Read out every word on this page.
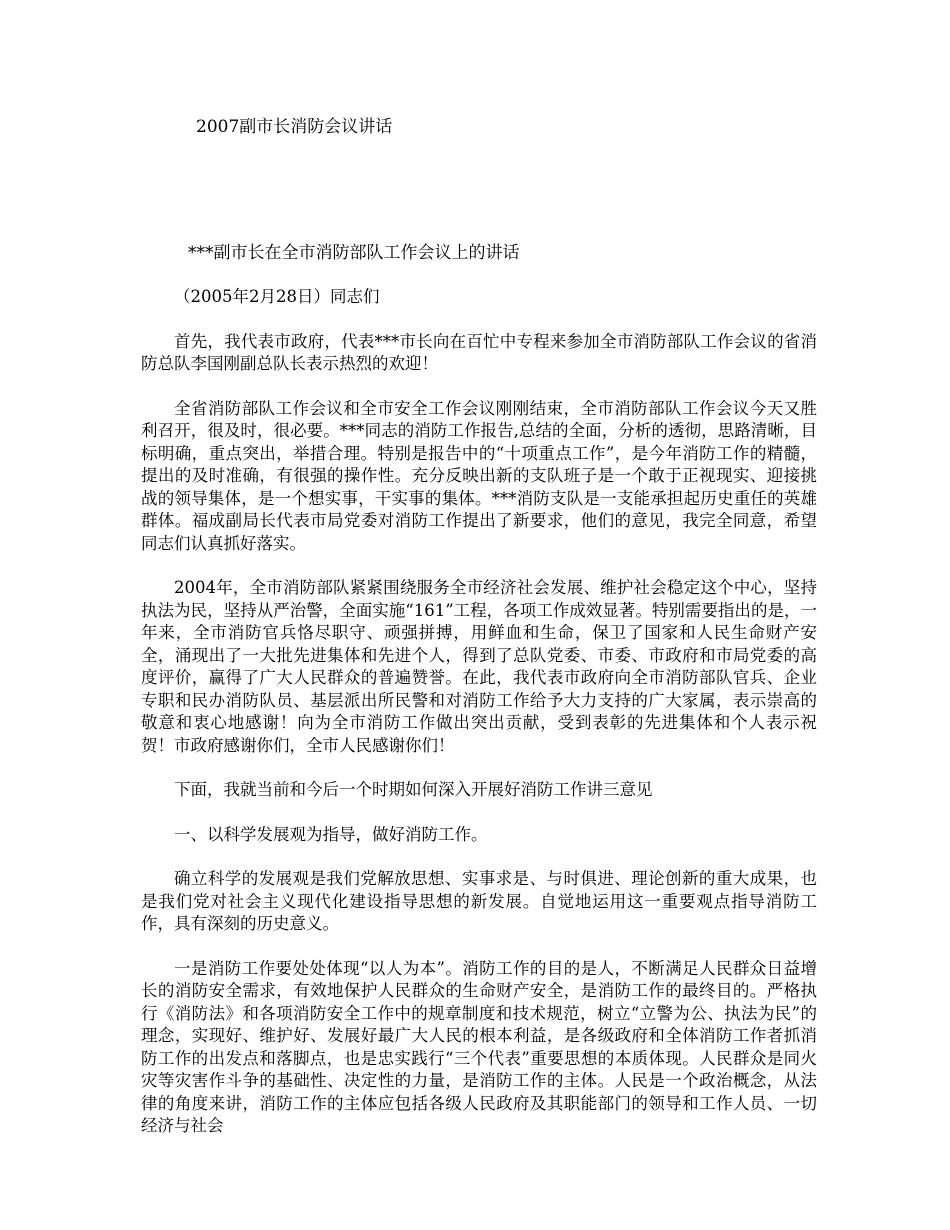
2007副市长消防会议讲话
***副市长在全市消防部队工作会议上的讲话

（2005年2月28日）同志们

首先，我代表市政府，代表***市长向在百忙中专程来参加全市消防部队工作会议的省消防总队李国刚副总队长表示热烈的欢迎！

全省消防部队工作会议和全市安全工作会议刚刚结束，全市消防部队工作会议今天又胜利召开，很及时，很必要。***同志的消防工作报告,总结的全面，分析的透彻，思路清晰，目标明确，重点突出，举措合理。特别是报告中的“十项重点工作”，是今年消防工作的精髓，提出的及时准确，有很强的操作性。充分反映出新的支队班子是一个敢于正视现实、迎接挑战的领导集体，是一个想实事，干实事的集体。***消防支队是一支能承担起历史重任的英雄群体。福成副局长代表市局党委对消防工作提出了新要求，他们的意见，我完全同意，希望同志们认真抓好落实。

2004年，全市消防部队紧紧围绕服务全市经济社会发展、维护社会稳定这个中心，坚持执法为民，坚持从严治警，全面实施“161”工程，各项工作成效显著。特别需要指出的是，一年来，全市消防官兵恪尽职守、顽强拼搏，用鲜血和生命，保卫了国家和人民生命财产安全，涌现出了一大批先进集体和先进个人，得到了总队党委、市委、市政府和市局党委的高度评价，赢得了广大人民群众的普遍赞誉。在此，我代表市政府向全市消防部队官兵、企业专职和民办消防队员、基层派出所民警和对消防工作给予大力支持的广大家属，表示崇高的敬意和衷心地感谢！向为全市消防工作做出突出贡献，受到表彰的先进集体和个人表示祝贺！市政府感谢你们，全市人民感谢你们！

下面，我就当前和今后一个时期如何深入开展好消防工作讲三意见

一、以科学发展观为指导，做好消防工作。

确立科学的发展观是我们党解放思想、实事求是、与时俱进、理论创新的重大成果，也是我们党对社会主义现代化建设指导思想的新发展。自觉地运用这一重要观点指导消防工作，具有深刻的历史意义。

一是消防工作要处处体现“以人为本”。消防工作的目的是人，不断满足人民群众日益增长的消防安全需求，有效地保护人民群众的生命财产安全，是消防工作的最终目的。严格执行《消防法》和各项消防安全工作中的规章制度和技术规范，树立“立警为公、执法为民”的理念，实现好、维护好、发展好最广大人民的根本利益，是各级政府和全体消防工作者抓消防工作的出发点和落脚点，也是忠实践行“三个代表”重要思想的本质体现。人民群众是同火灾等灾害作斗争的基础性、决定性的力量，是消防工作的主体。人民是一个政治概念，从法律的角度来讲，消防工作的主体应包括各级人民政府及其职能部门的领导和工作人员、一切经济与社会
